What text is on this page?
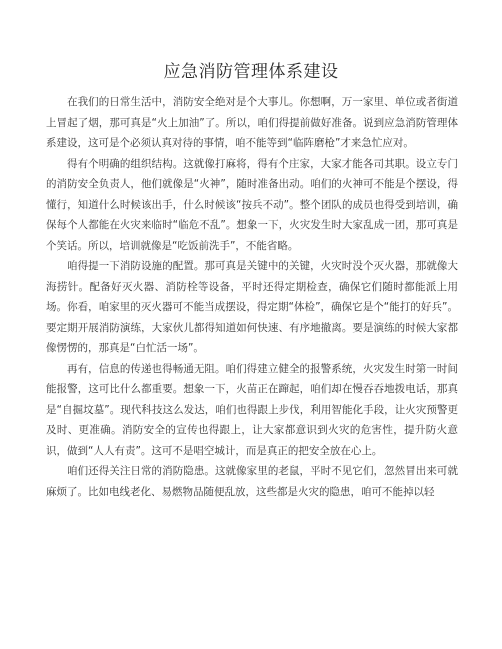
应急消防管理体系建设

在我们的日常生活中，消防安全绝对是个大事儿。你想啊，万一家里、单位或者街道上冒起了烟，那可真是“火上加油”了。所以，咱们得提前做好准备。说到应急消防管理体系建设，这可是个必须认真对待的事情，咱不能等到“临阵磨枪”才来急忙应对。

得有个明确的组织结构。这就像打麻将，得有个庄家，大家才能各司其职。设立专门的消防安全负责人，他们就像是“火神”，随时准备出动。咱们的火神可不能是个摆设，得懂行，知道什么时候该出手，什么时候该“按兵不动”。整个团队的成员也得受到培训，确保每个人都能在火灾来临时“临危不乱”。想象一下，火灾发生时大家乱成一团，那可真是个笑话。所以，培训就像是“吃饭前洗手”，不能省略。

咱得提一下消防设施的配置。那可真是关键中的关键，火灾时没个灭火器，那就像大海捞针。配备好灭火器、消防栓等设备，平时还得定期检查，确保它们随时都能派上用场。你看，咱家里的灭火器可不能当成摆设，得定期“体检”，确保它是个“能打的好兵”。要定期开展消防演练，大家伙儿都得知道如何快速、有序地撤离。要是演练的时候大家都像愣愣的，那真是“白忙活一场”。

再有，信息的传递也得畅通无阻。咱们得建立健全的报警系统，火灾发生时第一时间能报警，这可比什么都重要。想象一下，火苗正在蹿起，咱们却在慢吞吞地拨电话，那真是“自掘坟墓”。现代科技这么发达，咱们也得跟上步伐，利用智能化手段，让火灾预警更及时、更准确。消防安全的宣传也得跟上，让大家都意识到火灾的危害性，提升防火意识，做到“人人有责”。这可不是唱空城计，而是真正的把安全放在心上。

咱们还得关注日常的消防隐患。这就像家里的老鼠，平时不见它们，忽然冒出来可就麻烦了。比如电线老化、易燃物品随便乱放，这些都是火灾的隐患，咱可不能掉以轻
